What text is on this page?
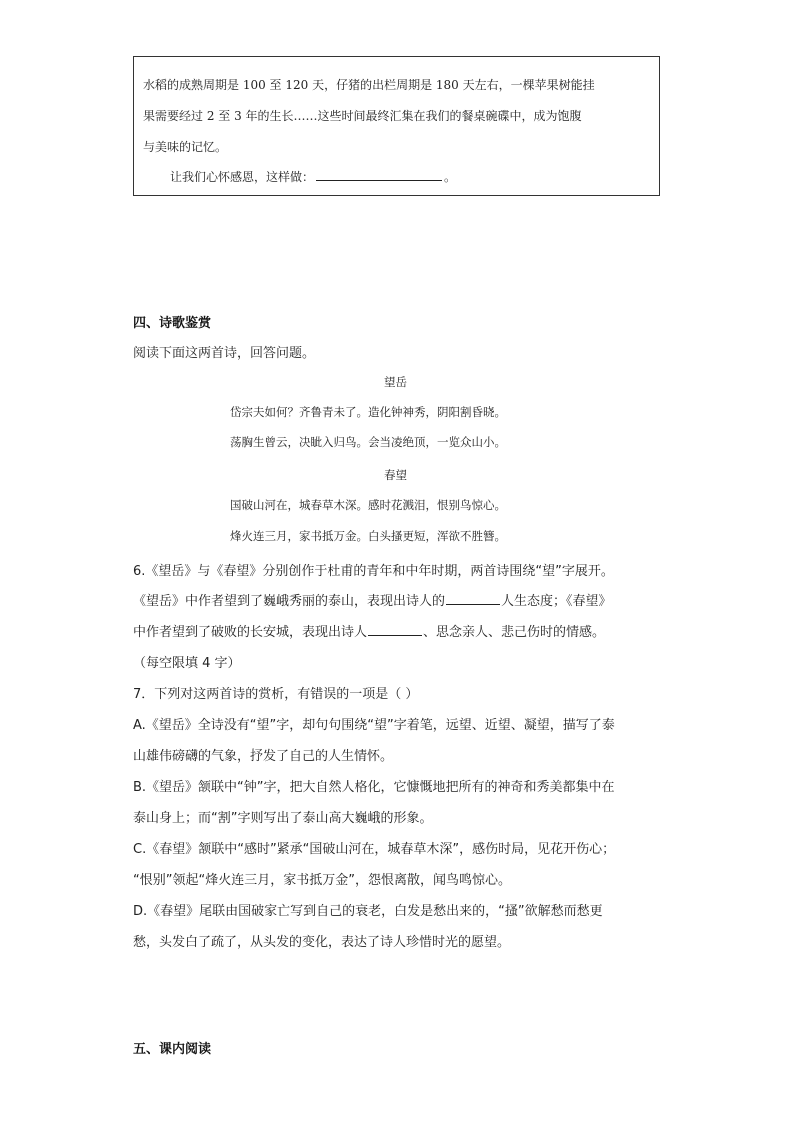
水稻的成熟周期是 100 至 120 天，仔猪的出栏周期是 180 天左右，一棵苹果树能挂
果需要经过 2 至 3 年的生长……这些时间最终汇集在我们的餐桌碗碟中，成为饱腹
与美味的记忆。
让我们心怀感恩，这样做：	。
四、诗歌鉴赏
阅读下面这两首诗，回答问题。
望岳
岱宗夫如何？齐鲁青未了。造化钟神秀，阴阳割昏晓。
荡胸生曾云，决眦入归鸟。会当凌绝顶，一览众山小。
春望
国破山河在，城春草木深。感时花溅泪，恨别鸟惊心。
烽火连三月，家书抵万金。白头搔更短，浑欲不胜簪。
6.《望岳》与《春望》分别创作于杜甫的青年和中年时期，两首诗围绕“望”字展开。
《望岳》中作者望到了巍峨秀丽的泰山，表现出诗人的	人生态度；《春望》
中作者望到了破败的长安城，表现出诗人	、思念亲人、悲己伤时的情感。
（每空限填 4 字）
7．下列对这两首诗的赏析，有错误的一项是（ ）
A.《望岳》全诗没有“望”字，却句句围绕“望”字着笔，远望、近望、凝望，描写了泰
山雄伟磅礴的气象，抒发了自己的人生情怀。
B.《望岳》颔联中“钟”字，把大自然人格化，它慷慨地把所有的神奇和秀美都集中在
泰山身上；而“割”字则写出了泰山高大巍峨的形象。
C.《春望》颔联中“感时”紧承“国破山河在，城春草木深”，感伤时局，见花开伤心；
“恨别”领起“烽火连三月，家书抵万金”，怨恨离散，闻鸟鸣惊心。
D.《春望》尾联由国破家亡写到自己的衰老，白发是愁出来的，“搔”欲解愁而愁更
愁，头发白了疏了，从头发的变化，表达了诗人珍惜时光的愿望。
五、课内阅读
